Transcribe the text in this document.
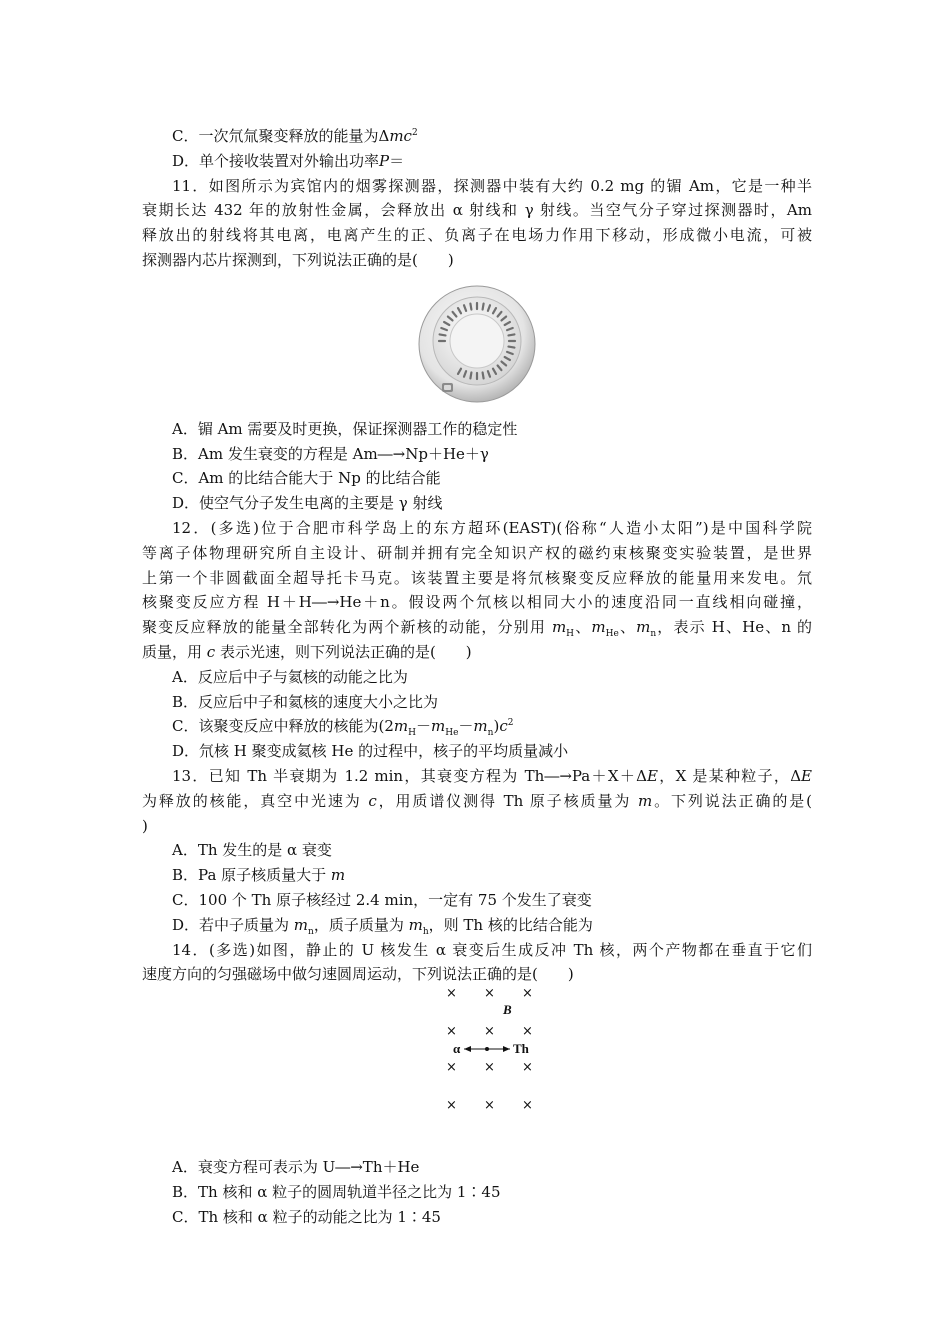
C．一次氘氚聚变释放的能量为Δmc$^2$
D．单个接收装置对外输出功率P＝
11．如图所示为宾馆内的烟雾探测器，探测器中装有大约 0.2 mg 的镅 Am，它是一种半
衰期长达 432 年的放射性金属，会释放出 α 射线和 γ 射线。当空气分子穿过探测器时，Am
释放出的射线将其电离，电离产生的正、负离子在电场力作用下移动，形成微小电流，可被
探测器内芯片探测到，下列说法正确的是(　　)
A．镅 Am 需要及时更换，保证探测器工作的稳定性
B．Am 发生衰变的方程是 Am―→Np＋He＋γ
C．Am 的比结合能大于 Np 的比结合能
D．使空气分子发生电离的主要是 γ 射线
12．(多选)位于合肥市科学岛上的东方超环(EAST)(俗称“人造小太阳”)是中国科学院
等离子体物理研究所自主设计、研制并拥有完全知识产权的磁约束核聚变实验装置，是世界
上第一个非圆截面全超导托卡马克。该装置主要是将氘核聚变反应释放的能量用来发电。氘
核聚变反应方程 H＋H―→He＋n。假设两个氘核以相同大小的速度沿同一直线相向碰撞，
聚变反应释放的能量全部转化为两个新核的动能，分别用 $m_H$、$m_{He}$、$m_n$，表示 H、He、n 的
质量，用 c 表示光速，则下列说法正确的是(　　)
A．反应后中子与氦核的动能之比为
B．反应后中子和氦核的速度大小之比为
C．该聚变反应中释放的核能为$(2m_H-m_{He}-m_n)c^2$
D．氘核 H 聚变成氦核 He 的过程中，核子的平均质量减小
13．已知 Th 半衰期为 1.2 min，其衰变方程为 Th―→Pa＋X＋ΔE，X 是某种粒子，ΔE
为释放的核能，真空中光速为 c，用质谱仪测得 Th 原子核质量为 m。下列说法正确的是(
)
A．Th 发生的是 α 衰变
B．Pa 原子核质量大于 m
C．100 个 Th 原子核经过 2.4 min，一定有 75 个发生了衰变
D．若中子质量为 $m_n$，质子质量为 $m_h$，则 Th 核的比结合能为
14．(多选)如图，静止的 U 核发生 α 衰变后生成反冲 Th 核，两个产物都在垂直于它们
速度方向的匀强磁场中做匀速圆周运动，下列说法正确的是(　　)
× × ×
B
× × ×
α	Th
× × ×
× × ×
A．衰变方程可表示为 U―→Th＋He
B．Th 核和 α 粒子的圆周轨道半径之比为 1∶45
C．Th 核和 α 粒子的动能之比为 1∶45
